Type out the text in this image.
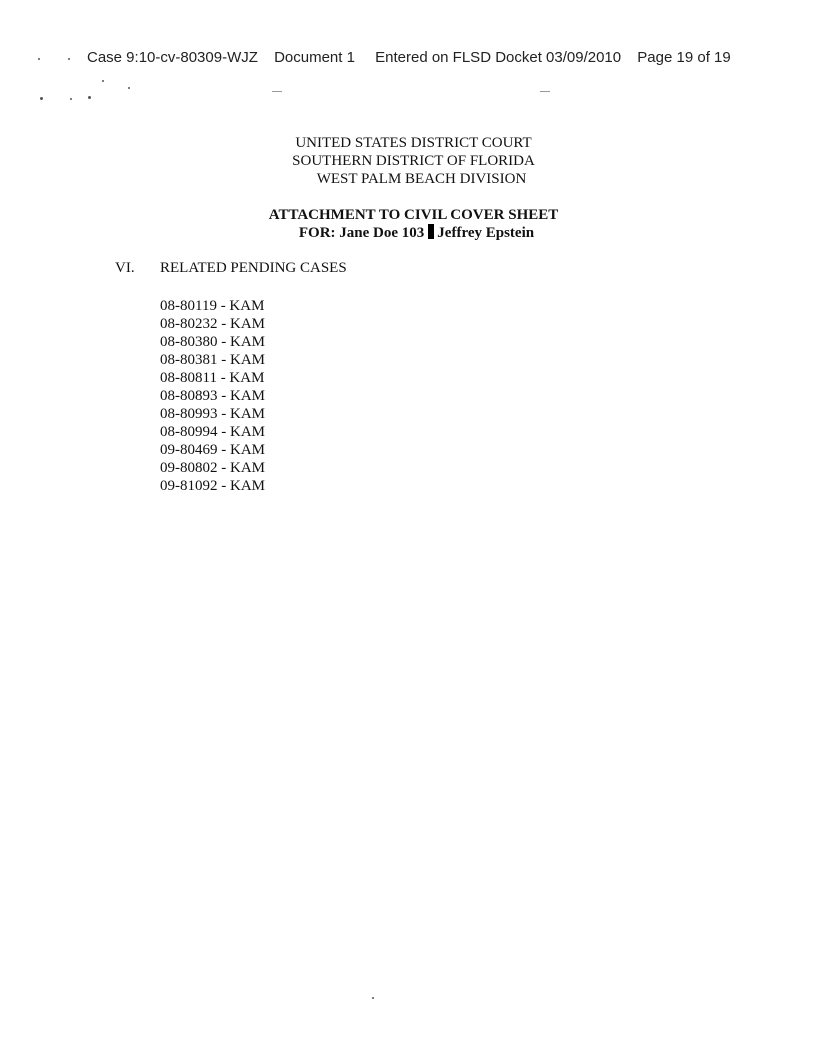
Case 9:10-cv-80309-WJZ Document 1 Entered on FLSD Docket 03/09/2010 Page 19 of 19
UNITED STATES DISTRICT COURT
SOUTHERN DISTRICT OF FLORIDA
WEST PALM BEACH DIVISION
ATTACHMENT TO CIVIL COVER SHEET
FOR: Jane Doe 103 Jeffrey Epstein
VI. RELATED PENDING CASES
08-80119 - KAM
08-80232 - KAM
08-80380 - KAM
08-80381 - KAM
08-80811 - KAM
08-80893 - KAM
08-80993 - KAM
08-80994 - KAM
09-80469 - KAM
09-80802 - KAM
09-81092 - KAM
